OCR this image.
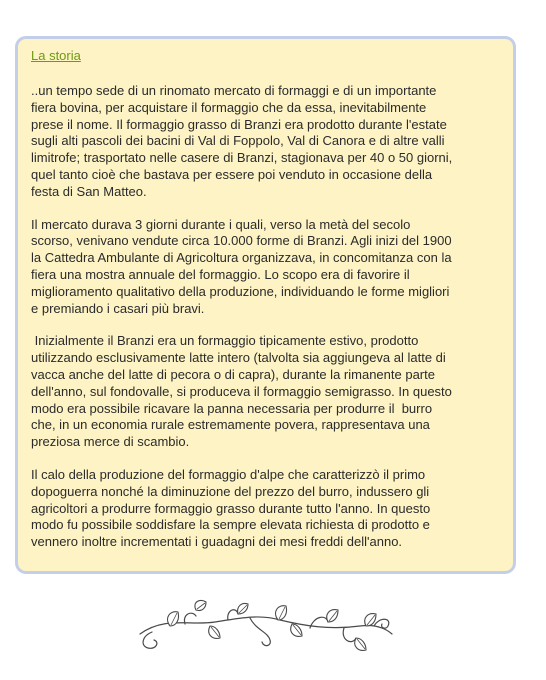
La storia

..un tempo sede di un rinomato mercato di formaggi e di un importante
fiera bovina, per acquistare il formaggio che da essa, inevitabilmente
prese il nome. Il formaggio grasso di Branzi era prodotto durante l'estate
sugli alti pascoli dei bacini di Val di Foppolo, Val di Canora e di altre valli
limitrofe; trasportato nelle casere di Branzi, stagionava per 40 o 50 giorni,
quel tanto cioè che bastava per essere poi venduto in occasione della
festa di San Matteo.

Il mercato durava 3 giorni durante i quali, verso la metà del secolo
scorso, venivano vendute circa 10.000 forme di Branzi. Agli inizi del 1900
la Cattedra Ambulante di Agricoltura organizzava, in concomitanza con la
fiera una mostra annuale del formaggio. Lo scopo era di favorire il
miglioramento qualitativo della produzione, individuando le forme migliori
e premiando i casari più bravi.

Inizialmente il Branzi era un formaggio tipicamente estivo, prodotto
utilizzando esclusivamente latte intero (talvolta sia aggiungeva al latte di
vacca anche del latte di pecora o di capra), durante la rimanente parte
dell'anno, sul fondovalle, si produceva il formaggio semigrasso. In questo
modo era possibile ricavare la panna necessaria per produrre il  burro
che, in un economia rurale estremamente povera, rappresentava una
preziosa merce di scambio.

Il calo della produzione del formaggio d'alpe che caratterizzò il primo
dopoguerra nonché la diminuzione del prezzo del burro, indussero gli
agricoltori a produrre formaggio grasso durante tutto l'anno. In questo
modo fu possibile soddisfare la sempre elevata richiesta di prodotto e
vennero inoltre incrementati i guadagni dei mesi freddi dell'anno.
